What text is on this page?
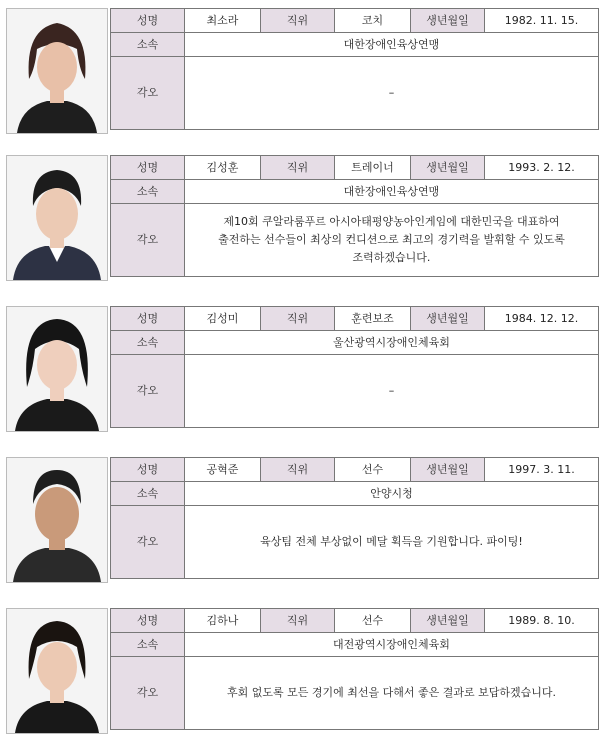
성명	최소라	직위	코치	생년월일	1982. 11. 15.
소속	대한장애인육상연맹				
각오	–				
성명	김성훈	직위	트레이너	생년월일	1993. 2. 12.
소속	대한장애인육상연맹				
각오	제10회 쿠알라룸푸르 아시아태평양농아인게임에 대한민국을 대표하여
출전하는 선수들이 최상의 컨디션으로 최고의 경기력을 발휘할 수 있도록
조력하겠습니다.				
성명	김성미	직위	훈련보조	생년월일	1984. 12. 12.
소속	울산광역시장애인체육회				
각오	–				
성명	공혁준	직위	선수	생년월일	1997. 3. 11.
소속	안양시청				
각오	육상팀 전체 부상없이 메달 획득을 기원합니다. 파이팅!				
성명	김하나	직위	선수	생년월일	1989. 8. 10.
소속	대전광역시장애인체육회				
각오	후회 없도록 모든 경기에 최선을 다해서 좋은 결과로 보답하겠습니다.				
